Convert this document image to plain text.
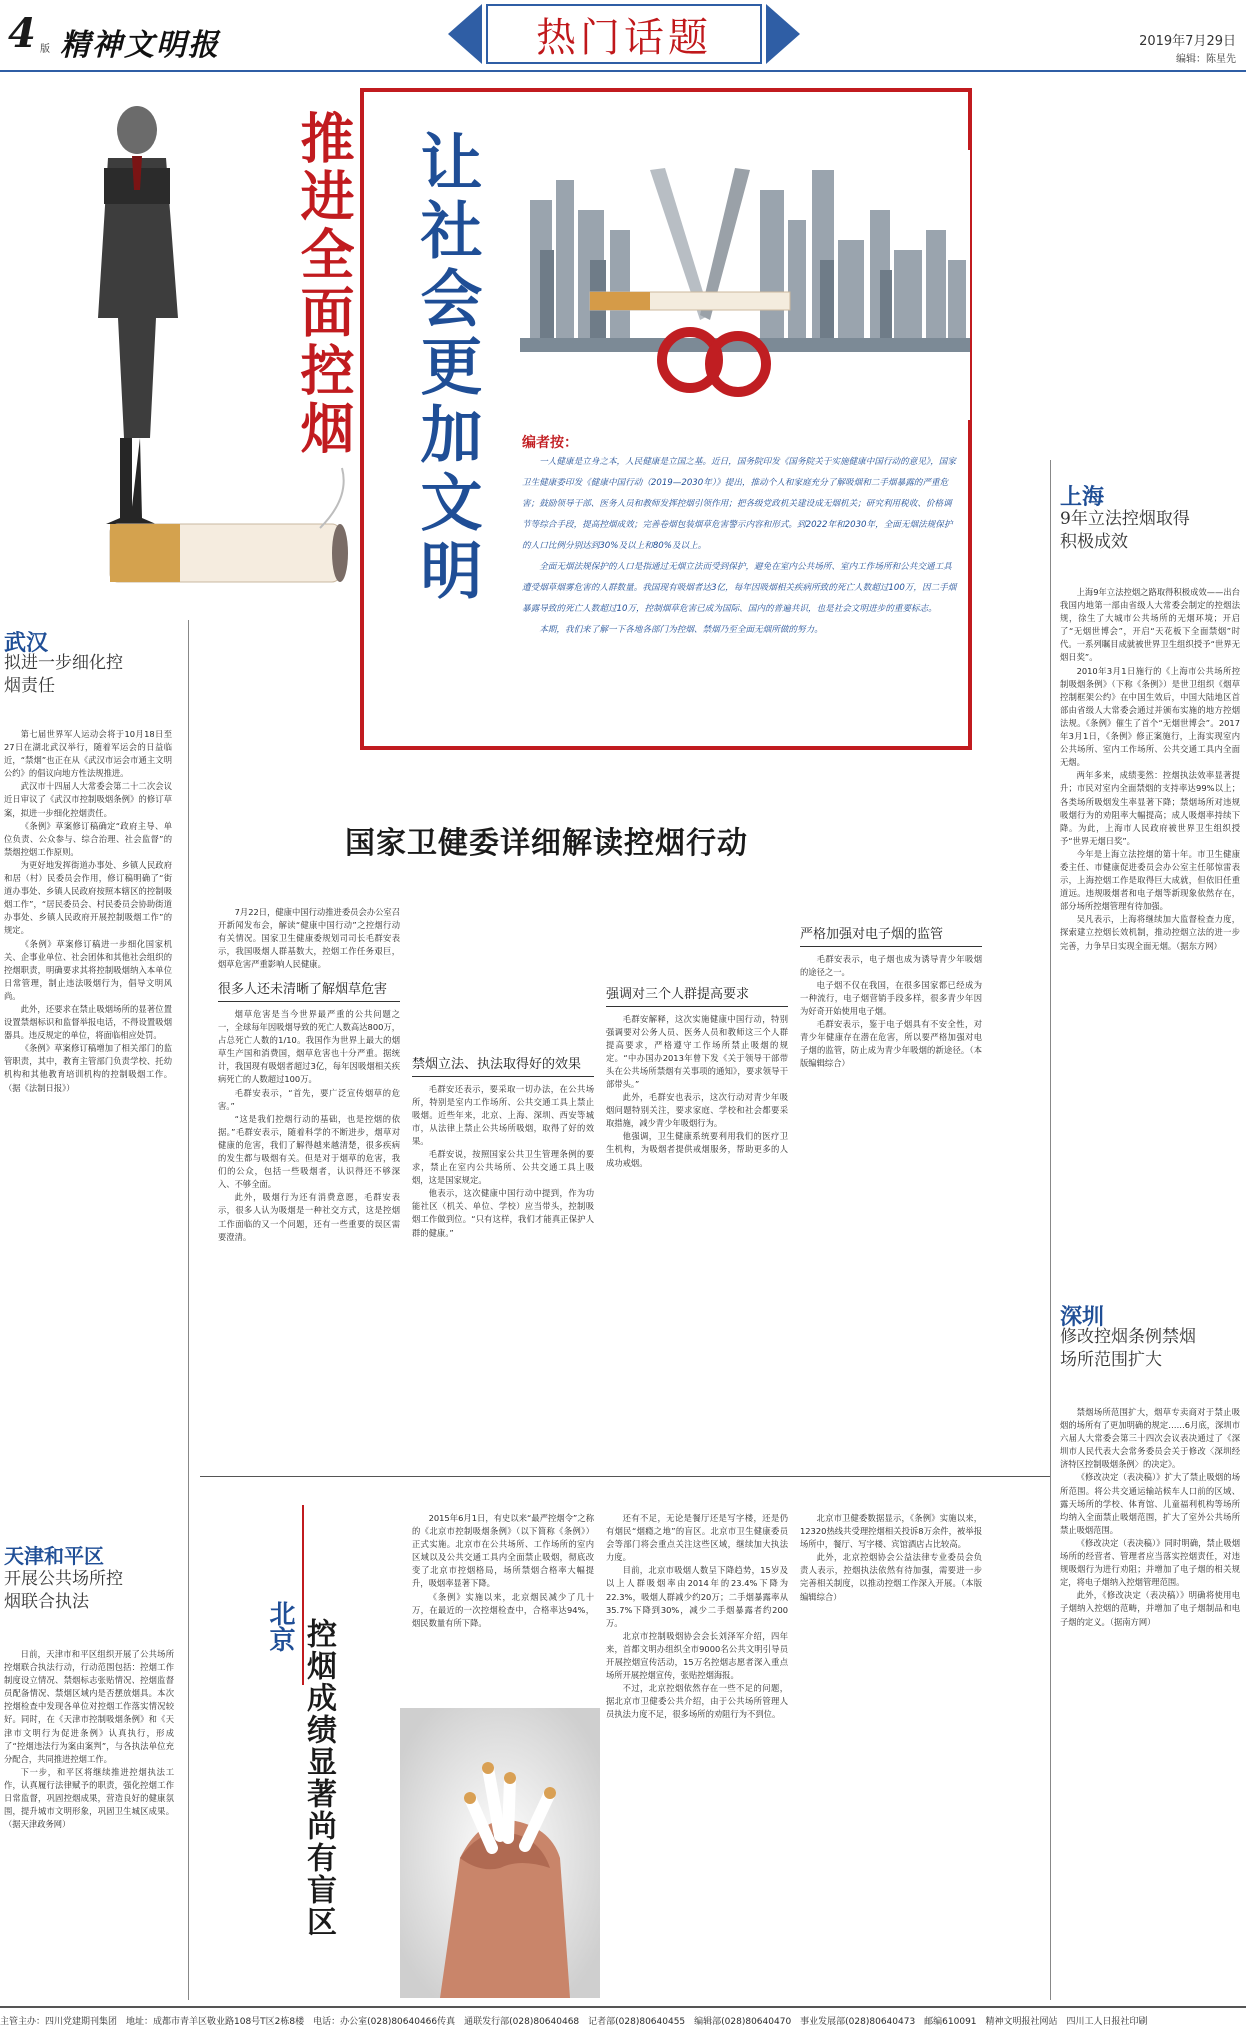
4 版 精神文明报	热门话题	2019年7月29日
编辑：陈星先
推进全面控烟 让社会更加文明	编者按：

一人健康是立身之本，人民健康是立国之基。近日，国务院印发《国务院关于实施健康中国行动的意见》，国家卫生健康委印发《健康中国行动（2019—2030年）》提出，推动个人和家庭充分了解吸烟和二手烟暴露的严重危害；鼓励领导干部、医务人员和教师发挥控烟引领作用；把各级党政机关建设成无烟机关；研究利用税收、价格调节等综合手段，提高控烟成效；完善卷烟包装烟草危害警示内容和形式。到2022年和2030年，全面无烟法规保护的人口比例分别达到30%及以上和80%及以上。

全面无烟法规保护的人口是指通过无烟立法而受到保护，避免在室内公共场所、室内工作场所和公共交通工具遭受烟草烟雾危害的人群数量。我国现有吸烟者达3亿，每年因吸烟相关疾病所致的死亡人数超过100万，因二手烟暴露导致的死亡人数超过10万，控制烟草危害已成为国际、国内的普遍共识，也是社会文明进步的重要标志。

本期，我们来了解一下各地各部门为控烟、禁烟乃至全面无烟所做的努力。

武汉
拟进一步细化控烟责任

第七届世界军人运动会将于10月18日至27日在湖北武汉举行，随着军运会的日益临近，“禁烟”也正在从《武汉市运会市通主文明公约》的倡议向地方性法规推进。

武汉市十四届人大常委会第二十二次会议近日审议了《武汉市控制吸烟条例》的修订草案，拟进一步细化控烟责任。

《条例》草案修订稿确定“政府主导、单位负责、公众参与、综合治理、社会监督”的禁烟控烟工作原则。

为更好地发挥街道办事处、乡镇人民政府和居（村）民委员会作用，修订稿明确了“街道办事处、乡镇人民政府按照本辖区的控制吸烟工作”，“居民委员会、村民委员会协助街道办事处、乡镇人民政府开展控制吸烟工作”的规定。

《条例》草案修订稿进一步细化国家机关、企事业单位、社会团体和其他社会组织的控烟职责，明确要求其将控制吸烟纳入本单位日常管理，制止违法吸烟行为，倡导文明风尚。

此外，还要求在禁止吸烟场所的显著位置设置禁烟标识和监督举报电话，不得设置吸烟器具。违反规定的单位，将面临相应处罚。

《条例》草案修订稿增加了相关部门的监管职责，其中，教育主管部门负责学校、托幼机构和其他教育培训机构的控制吸烟工作。（据《法制日报》）

上海
9年立法控烟取得积极成效

上海9年立法控烟之路取得积极成效——出台我国内地第一部由省级人大常委会制定的控烟法规，徐生了大城市公共场所的无烟环境；开启了“无烟世博会”，开启“天花板下全面禁烟”时代。一系列瞩目成就被世界卫生组织授予“世界无烟日奖”。

2010年3月1日施行的《上海市公共场所控制吸烟条例》（下称《条例》）是世卫组织《烟草控制框架公约》在中国生效后，中国大陆地区首部由省级人大常委会通过并颁布实施的地方控烟法规。《条例》催生了首个“无烟世博会”。2017年3月1日，《条例》修正案施行，上海实现室内公共场所、室内工作场所、公共交通工具内全面无烟。

两年多来，成绩斐然：控烟执法效率显著提升；市民对室内全面禁烟的支持率达99%以上；各类场所吸烟发生率显著下降；禁烟场所对违规吸烟行为的劝阻率大幅提高；成人吸烟率持续下降。为此，上海市人民政府被世界卫生组织授予“世界无烟日奖”。

今年是上海立法控烟的第十年。市卫生健康委主任、市健康促进委员会办公室主任邬惊雷表示，上海控烟工作是取得巨大成就，但依旧任重道远。违规吸烟者和电子烟等新现象依然存在，部分场所控烟管理有待加强。

吴凡表示，上海将继续加大监督检查力度，探索建立控烟长效机制，推动控烟立法的进一步完善，力争早日实现全面无烟。（据东方网）

深圳
修改控烟条例禁烟场所范围扩大

禁烟场所范围扩大，烟草专卖商对于禁止吸烟的场所有了更加明确的规定……6月底，深圳市六届人大常委会第三十四次会议表决通过了《深圳市人民代表大会常务委员会关于修改〈深圳经济特区控制吸烟条例〉的决定》。

《修改决定（表决稿）》扩大了禁止吸烟的场所范围。将公共交通运输站候车人口前的区域、露天场所的学校、体育馆、儿童福利机构等场所均纳入全面禁止吸烟范围，扩大了室外公共场所禁止吸烟范围。

《修改决定（表决稿）》同时明确，禁止吸烟场所的经营者、管理者应当落实控烟责任，对违规吸烟行为进行劝阻；并增加了电子烟的相关规定，将电子烟纳入控烟管理范围。

此外，《修改决定（表决稿）》明确将使用电子烟纳入控烟的范畴，并增加了电子烟制品和电子烟的定义。（据南方网）

国家卫健委详细解读控烟行动

7月22日，健康中国行动推进委员会办公室召开新闻发布会，解读“健康中国行动”之控烟行动有关情况。国家卫生健康委规划司司长毛群安表示，我国吸烟人群基数大，控烟工作任务艰巨，烟草危害严重影响人民健康。

很多人还未清晰了解烟草危害

烟草危害是当今世界最严重的公共问题之一，全球每年因吸烟导致的死亡人数高达800万，占总死亡人数的1/10。我国作为世界上最大的烟草生产国和消费国，烟草危害也十分严重。据统计，我国现有吸烟者超过3亿，每年因吸烟相关疾病死亡的人数超过100万。

毛群安表示，“首先，要广泛宣传烟草的危害。”

“这是我们控烟行动的基础，也是控烟的依据。”毛群安表示，随着科学的不断进步，烟草对健康的危害，我们了解得越来越清楚，很多疾病的发生都与吸烟有关。但是对于烟草的危害，我们的公众，包括一些吸烟者，认识得还不够深入、不够全面。

此外，吸烟行为还有消费意愿，毛群安表示，很多人认为吸烟是一种社交方式，这是控烟工作面临的又一个问题，还有一些重要的误区需要澄清。

禁烟立法、执法取得好的效果

毛群安还表示，要采取一切办法，在公共场所，特别是室内工作场所、公共交通工具上禁止吸烟。近些年来，北京、上海、深圳、西安等城市，从法律上禁止公共场所吸烟，取得了好的效果。

毛群安说，按照国家公共卫生管理条例的要求，禁止在室内公共场所、公共交通工具上吸烟，这是国家规定。

他表示，这次健康中国行动中提到，作为功能社区（机关、单位、学校）应当带头，控制吸烟工作做到位。“只有这样，我们才能真正保护人群的健康。”

强调对三个人群提高要求

毛群安解释，这次实施健康中国行动，特别强调要对公务人员、医务人员和教师这三个人群提高要求，严格遵守工作场所禁止吸烟的规定。“中办国办2013年曾下发《关于领导干部带头在公共场所禁烟有关事项的通知》，要求领导干部带头。”

此外，毛群安也表示，这次行动对青少年吸烟问题特别关注，要求家庭、学校和社会都要采取措施，减少青少年吸烟行为。

他强调，卫生健康系统要利用我们的医疗卫生机构，为吸烟者提供戒烟服务，帮助更多的人成功戒烟。

严格加强对电子烟的监管

毛群安表示，电子烟也成为诱导青少年吸烟的途径之一。

电子烟不仅在我国，在很多国家都已经成为一种流行，电子烟营销手段多样，很多青少年因为好奇开始使用电子烟。

毛群安表示，鉴于电子烟具有不安全性，对青少年健康存在潜在危害，所以要严格加强对电子烟的监管，防止成为青少年吸烟的新途径。（本版编辑综合）

天津和平区
开展公共场所控烟联合执法

日前，天津市和平区组织开展了公共场所控烟联合执法行动，行动范围包括：控烟工作制度设立情况、禁烟标志张贴情况、控烟监督员配备情况、禁烟区域内是否摆放烟具。本次控烟检查中发现各单位对控烟工作落实情况较好。同时，在《天津市控制吸烟条例》和《天津市文明行为促进条例》认真执行，形成了“控烟违法行为案由案判”，与各执法单位充分配合，共同推进控烟工作。

下一步，和平区将继续推进控烟执法工作，认真履行法律赋予的职责，强化控烟工作日常监督，巩固控烟成果，营造良好的健康氛围，提升城市文明形象，巩固卫生城区成果。（据天津政务网）

北京 控烟成绩显著尚有盲区

2015年6月1日，有史以来“最严控烟令”之称的《北京市控制吸烟条例》（以下简称《条例》）正式实施。北京市在公共场所、工作场所的室内区域以及公共交通工具内全面禁止吸烟，彻底改变了北京市控烟格局，场所禁烟合格率大幅提升，吸烟率显著下降。

《条例》实施以来，北京烟民减少了几十万，在最近的一次控烟检查中，合格率达94%，烟民数量有所下降。

还有不足，无论是餐厅还是写字楼，还是仍有烟民“烟瘾之地”的盲区。北京市卫生健康委员会等部门将会重点关注这些区域，继续加大执法力度。

目前，北京市吸烟人数呈下降趋势，15岁及以上人群吸烟率由2014年的23.4%下降为22.3%，吸烟人群减少约20万；二手烟暴露率从35.7%下降到30%，减少二手烟暴露者约200万。

北京市控制吸烟协会会长刘泽军介绍，四年来，首都文明办组织全市9000名公共文明引导员开展控烟宣传活动，15万名控烟志愿者深入重点场所开展控烟宣传，张贴控烟海报。

不过，北京控烟依然存在一些不足的问题，据北京市卫健委公共介绍，由于公共场所管理人员执法力度不足，很多场所的劝阻行为不到位。

北京市卫健委数据显示，《条例》实施以来，12320热线共受理控烟相关投诉8万余件，被举报场所中，餐厅、写字楼、宾馆酒店占比较高。

此外，北京控烟协会公益法律专业委员会负责人表示，控烟执法依然有待加强，需要进一步完善相关制度，以推动控烟工作深入开展。（本版编辑综合）

主管主办：四川党建期刊集团　地址：成都市青羊区敬业路108号T区2栋8楼　电话：办公室(028)80640466传真　通联发行部(028)80640468　记者部(028)80640455　编辑部(028)80640470　事业发展部(028)80640473　邮编610091　精神文明报社网站　四川工人日报社印刷
